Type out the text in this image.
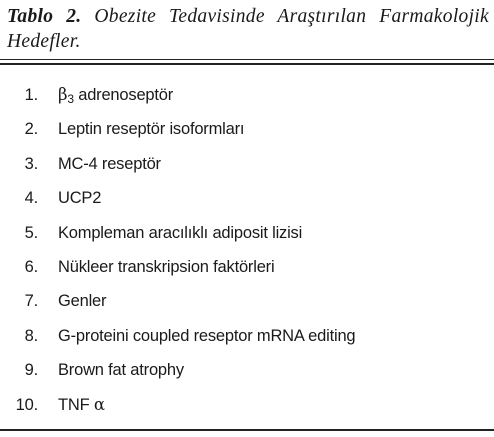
Tablo 2. Obezite Tedavisinde Araştırılan Farmakolojik Hedefler.
1. $\beta_3$ adrenoseptör
2. Leptin reseptör isoformları
3. MC-4 reseptör
4. UCP2
5. Kompleman aracılıklı adiposit lizisi
6. Nükleer transkripsion faktörleri
7. Genler
8. G-proteini coupled reseptor mRNA editing
9. Brown fat atrophy
10. TNF α
